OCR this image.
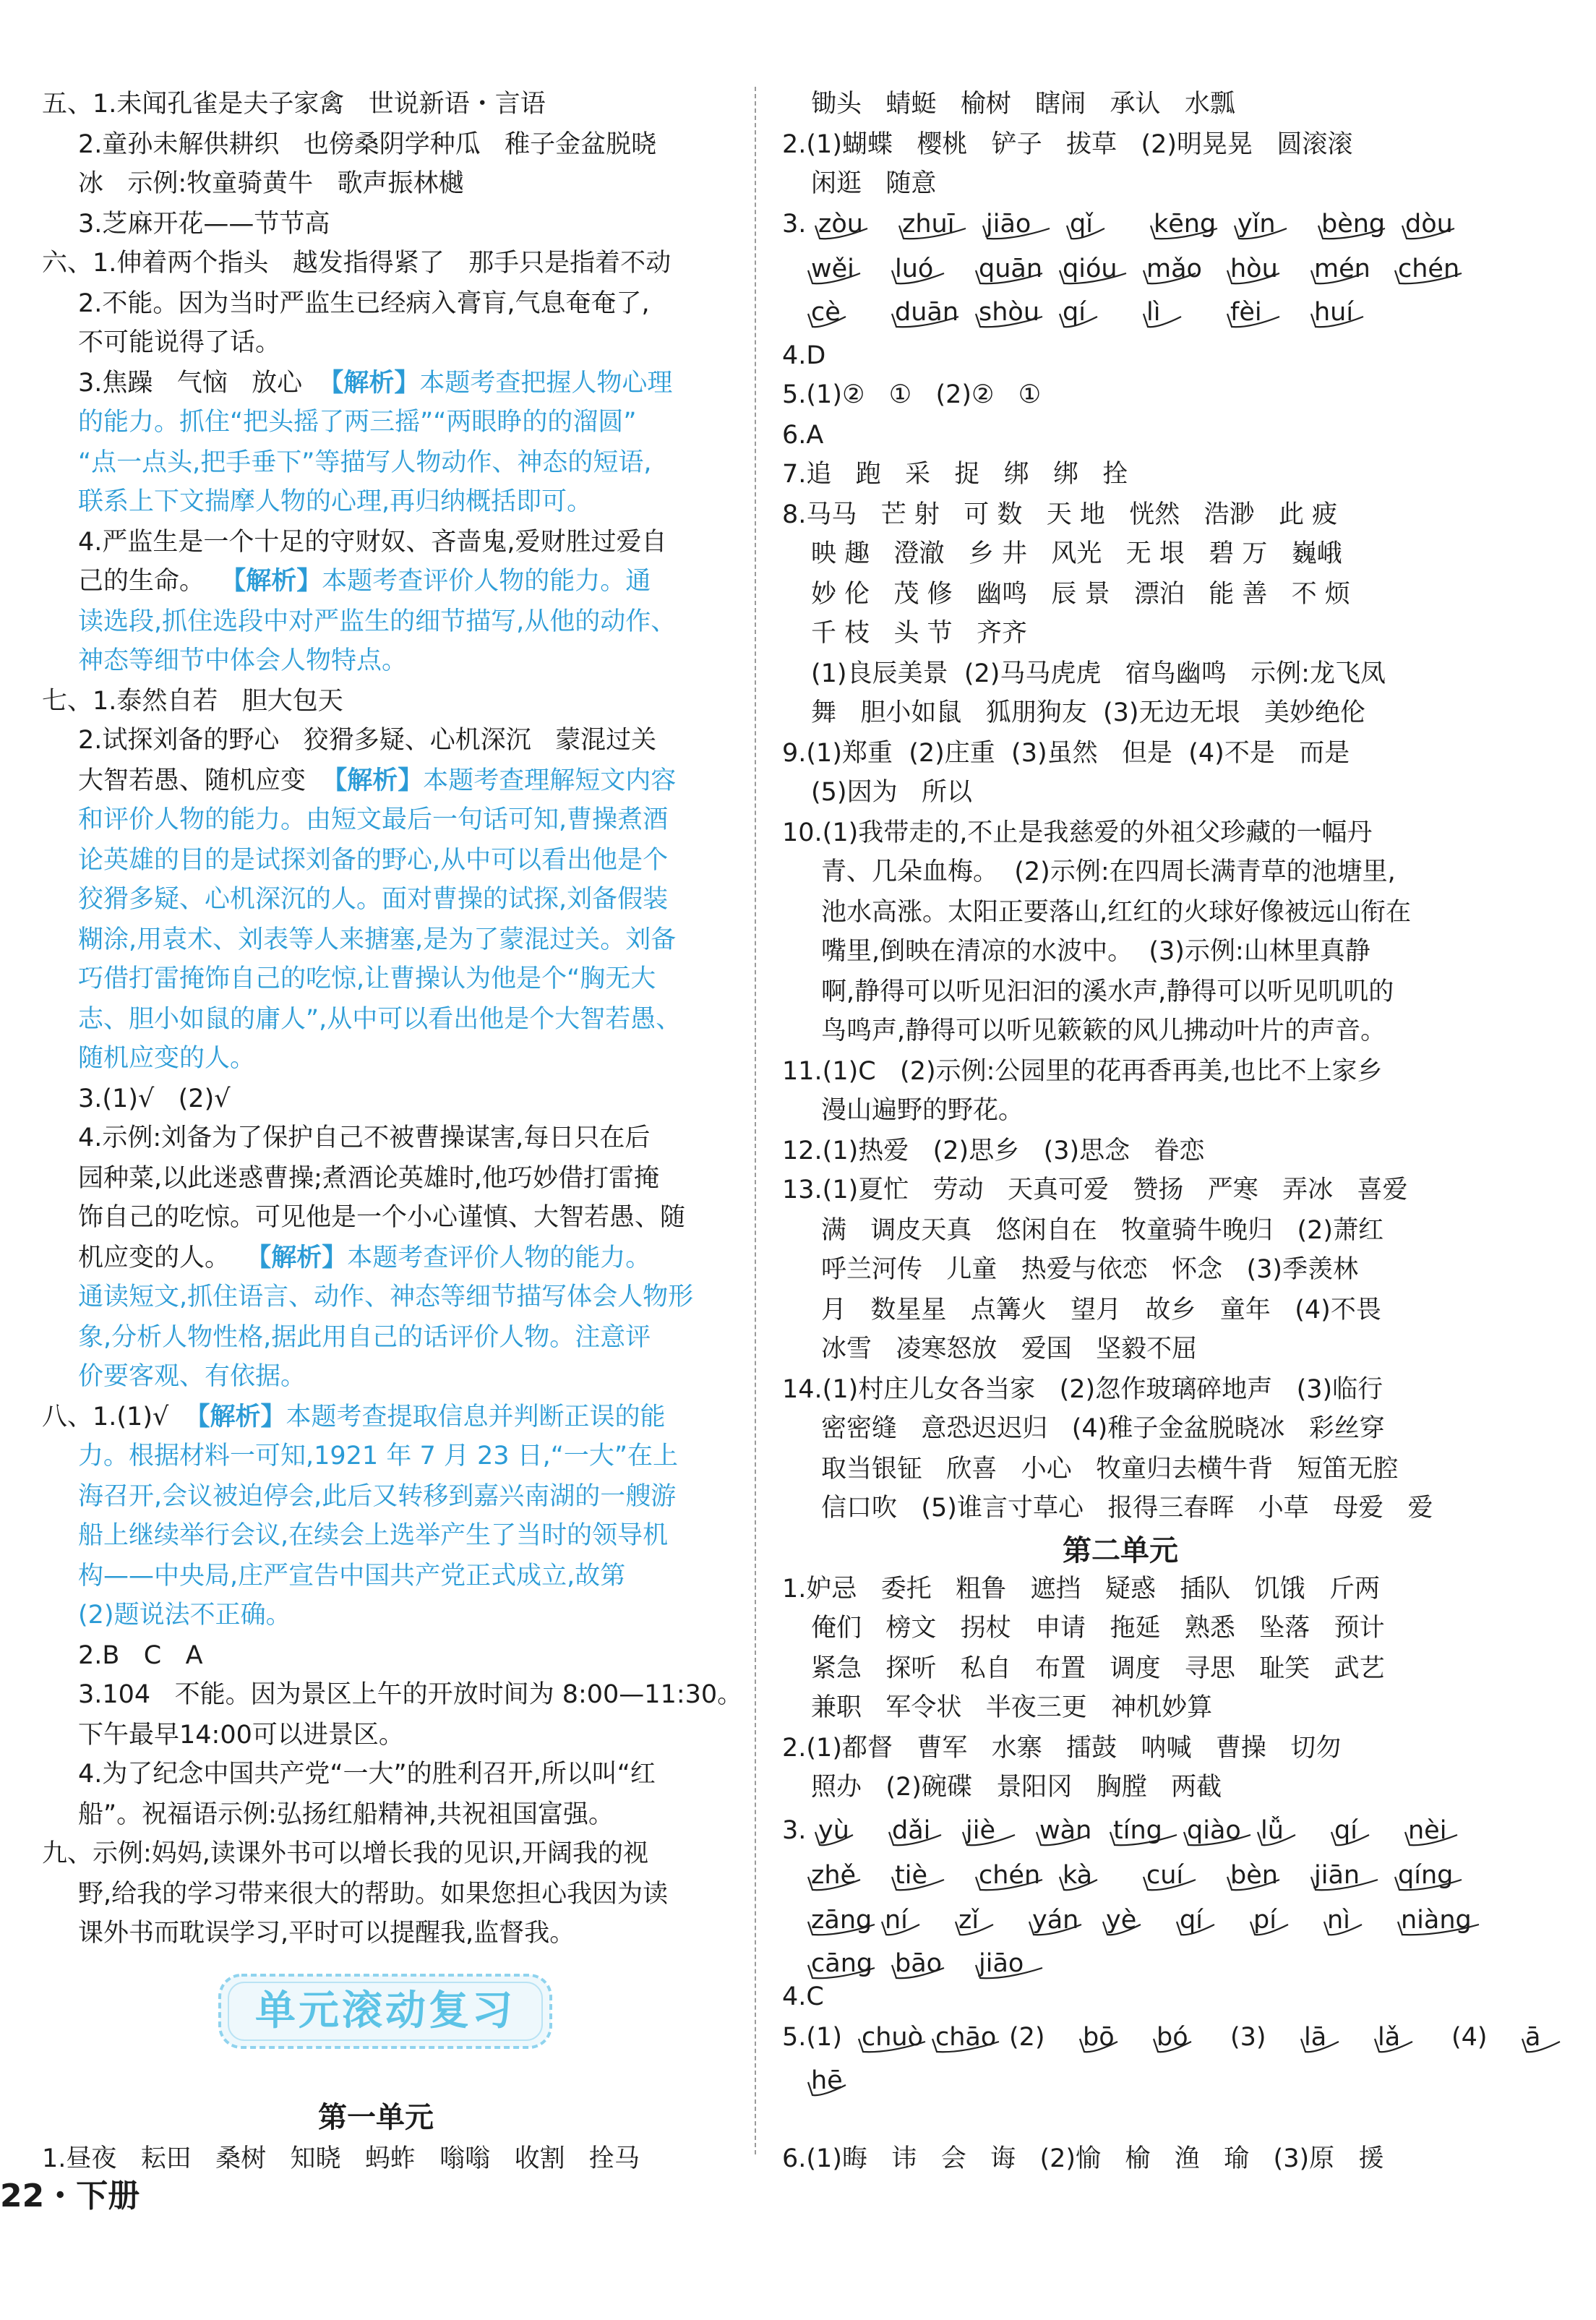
五、1.未闻孔雀是夫子家禽   世说新语・言语
2.童孙未解供耕织   也傍桑阴学种瓜   稚子金盆脱晓
冰   示例:牧童骑黄牛   歌声振林樾
3.芝麻开花——节节高
六、1.伸着两个指头   越发指得紧了   那手只是指着不动
2.不能。因为当时严监生已经病入膏肓,气息奄奄了,
不可能说得了话。
3.焦躁   气恼   放心  【解析】本题考查把握人物心理
的能力。抓住“把头摇了两三摇”“两眼睁的的溜圆”
“点一点头,把手垂下”等描写人物动作、神态的短语,
联系上下文揣摩人物的心理,再归纳概括即可。
4.严监生是一个十足的守财奴、吝啬鬼,爱财胜过爱自
己的生命。  【解析】本题考查评价人物的能力。通
读选段,抓住选段中对严监生的细节描写,从他的动作、
神态等细节中体会人物特点。
七、1.泰然自若   胆大包天
2.试探刘备的野心   狡猾多疑、心机深沉   蒙混过关
大智若愚、随机应变  【解析】本题考查理解短文内容
和评价人物的能力。由短文最后一句话可知,曹操煮酒
论英雄的目的是试探刘备的野心,从中可以看出他是个
狡猾多疑、心机深沉的人。面对曹操的试探,刘备假装
糊涂,用袁术、刘表等人来搪塞,是为了蒙混过关。刘备
巧借打雷掩饰自己的吃惊,让曹操认为他是个“胸无大
志、胆小如鼠的庸人”,从中可以看出他是个大智若愚、
随机应变的人。
3.(1)√   (2)√
4.示例:刘备为了保护自己不被曹操谋害,每日只在后
园种菜,以此迷惑曹操;煮酒论英雄时,他巧妙借打雷掩
饰自己的吃惊。可见他是一个小心谨慎、大智若愚、随
机应变的人。  【解析】本题考查评价人物的能力。
通读短文,抓住语言、动作、神态等细节描写体会人物形
象,分析人物性格,据此用自己的话评价人物。注意评
价要客观、有依据。
八、1.(1)√  【解析】本题考查提取信息并判断正误的能
力。根据材料一可知,1921 年 7 月 23 日,“一大”在上
海召开,会议被迫停会,此后又转移到嘉兴南湖的一艘游
船上继续举行会议,在续会上选举产生了当时的领导机
构——中央局,庄严宣告中国共产党正式成立,故第
(2)题说法不正确。
2.B   C   A
3.104   不能。因为景区上午的开放时间为 8:00—11:30。
下午最早14:00可以进景区。
4.为了纪念中国共产党“一大”的胜利召开,所以叫“红
船”。祝福语示例:弘扬红船精神,共祝祖国富强。
九、示例:妈妈,读课外书可以增长我的见识,开阔我的视
野,给我的学习带来很大的帮助。如果您担心我因为读
课外书而耽误学习,平时可以提醒我,监督我。
1.昼夜   耘田   桑树   知晓   蚂蚱   嗡嗡   收割   拴马
锄头   蜻蜓   榆树   瞎闹   承认   水瓢
2.(1)蝴蝶   樱桃   铲子   拔草   (2)明晃晃   圆滚滚
闲逛   随意
4.D
5.(1)②   ①   (2)②   ①
6.A
7.追   跑   采   捉   绑   绑   拴
8.马马   芒 射   可 数   天 地   恍然   浩渺   此 疲
映 趣   澄澈   乡 井   风光   无 垠   碧 万   巍峨
妙 伦   茂 修   幽鸣   辰 景   漂泊   能 善   不 烦
千 枝   头 节   齐齐
(1)良辰美景  (2)马马虎虎   宿鸟幽鸣   示例:龙飞凤
舞   胆小如鼠   狐朋狗友  (3)无边无垠   美妙绝伦
9.(1)郑重  (2)庄重  (3)虽然   但是  (4)不是   而是
(5)因为   所以
10.(1)我带走的,不止是我慈爱的外祖父珍藏的一幅丹
青、几朵血梅。  (2)示例:在四周长满青草的池塘里,
池水高涨。太阳正要落山,红红的火球好像被远山衔在
嘴里,倒映在清凉的水波中。  (3)示例:山林里真静
啊,静得可以听见汩汩的溪水声,静得可以听见叽叽的
鸟鸣声,静得可以听见簌簌的风儿拂动叶片的声音。
11.(1)C   (2)示例:公园里的花再香再美,也比不上家乡
漫山遍野的野花。
12.(1)热爱   (2)思乡   (3)思念   眷恋
13.(1)夏忙   劳动   天真可爱   赞扬   严寒   弄冰   喜爱
满   调皮天真   悠闲自在   牧童骑牛晚归   (2)萧红
呼兰河传   儿童   热爱与依恋   怀念   (3)季羡林
月   数星星   点篝火   望月   故乡   童年   (4)不畏
冰雪   凌寒怒放   爱国   坚毅不屈
14.(1)村庄儿女各当家   (2)忽作玻璃碎地声   (3)临行
密密缝   意恐迟迟归   (4)稚子金盆脱晓冰   彩丝穿
取当银钲   欣喜   小心   牧童归去横牛背   短笛无腔
信口吹   (5)谁言寸草心   报得三春晖   小草   母爱   爱
1.妒忌   委托   粗鲁   遮挡   疑惑   插队   饥饿   斤两
俺们   榜文   拐杖   申请   拖延   熟悉   坠落   预计
紧急   探听   私自   布置   调度   寻思   耻笑   武艺
兼职   军令状   半夜三更   神机妙算
2.(1)都督   曹军   水寨   擂鼓   呐喊   曹操   切勿
照办   (2)碗碟   景阳冈   胸膛   两截
4.C
6.(1)晦   讳   会   诲   (2)愉   榆   渔   瑜   (3)原   援
3. zòu zhuī jiāo qǐ kēng yǐn bèng dòu
wěi luó quān qióu mǎo hòu mén chén
cè duān shòu qí lì	fèi huí
3. yù dǎi jiè wàn tíng qiào lǚ qí nèi
zhě tiè chén kà cuí bèn jiān qíng
zāng ní zǐ yán yè qí pí nì niàng
cāng bāo jiāo
5.(1) chuò chāo (2) bō bó (3) lā lǎ (4) ā
hē
单元滚动复习
第一单元
第二单元
22・下册
